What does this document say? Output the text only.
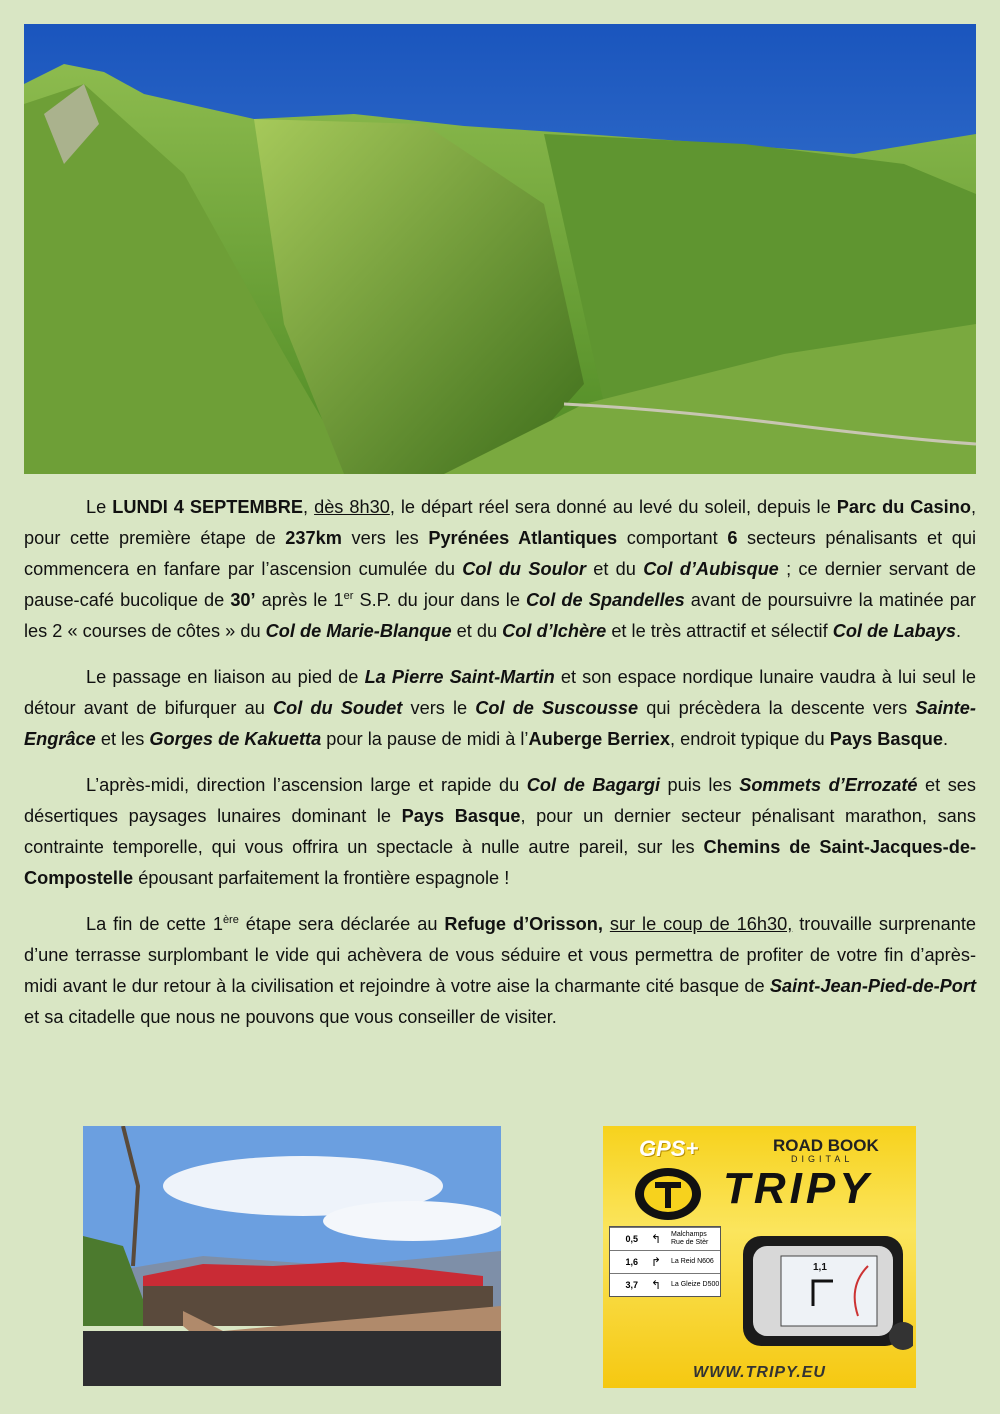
Le LUNDI 4 SEPTEMBRE, dès 8h30, le départ réel sera donné au levé du soleil, depuis le Parc du Casino, pour cette première étape de 237km vers les Pyrénées Atlantiques comportant 6 secteurs pénalisants et qui commencera en fanfare par l’ascension cumulée du Col du Soulor et du Col d’Aubisque ; ce dernier servant de pause-café bucolique de 30’ après le 1er S.P. du jour dans le Col de Spandelles avant de poursuivre la matinée par les 2 « courses de côtes » du Col de Marie-Blanque et du Col d’Ichère et le très attractif et sélectif Col de Labays.

Le passage en liaison au pied de La Pierre Saint-Martin et son espace nordique lunaire vaudra à lui seul le détour avant de bifurquer au Col du Soudet vers le Col de Suscousse qui précèdera la descente vers Sainte-Engrâce et les Gorges de Kakuetta pour la pause de midi à l’Auberge Berriex, endroit typique du Pays Basque.

L’après-midi, direction l’ascension large et rapide du Col de Bagargi puis les Sommets d’Errozaté et ses désertiques paysages lunaires dominant le Pays Basque, pour un dernier secteur pénalisant marathon, sans contrainte temporelle, qui vous offrira un spectacle à nulle autre pareil, sur les Chemins de Saint-Jacques-de-Compostelle épousant parfaitement la frontière espagnole !

La fin de cette 1ère étape sera déclarée au Refuge d’Orisson, sur le coup de 16h30, trouvaille surprenante d’une terrasse surplombant le vide qui achèvera de vous séduire et vous permettra de profiter de votre fin d’après-midi avant le dur retour à la civilisation et rejoindre à votre aise la charmante cité basque de Saint-Jean-Pied-de-Port et sa citadelle que nous ne pouvons que vous conseiller de visiter.

GPS+	ROAD BOOK
DIGITAL
TRIPY
0,5	↰	Malchamps Rue de Stèr
1,6	↱	La Reid N606
3,7	↰	La Gleize D500
1,1
WWW.TRIPY.EU
